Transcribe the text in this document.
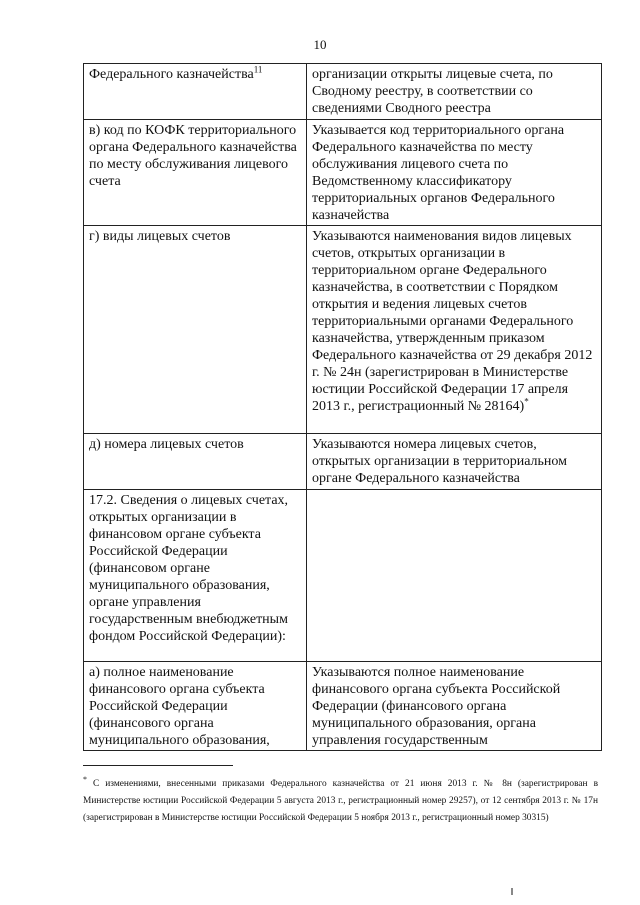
10
Федерального казначейства$^{11}$	организации открыты лицевые счета, по Сводному реестру, в соответствии со сведениями Сводного реестра
в) код по КОФК территориального органа Федерального казначейства по месту обслуживания лицевого счета	Указывается код территориального органа Федерального казначейства по месту обслуживания лицевого счета по Ведомственному классификатору территориальных органов Федерального казначейства
г) виды лицевых счетов	Указываются наименования видов лицевых счетов, открытых организации в территориальном органе Федерального казначейства, в соответствии с Порядком открытия и ведения лицевых счетов территориальными органами Федерального казначейства, утвержденным приказом Федерального казначейства от 29 декабря 2012 г. № 24н (зарегистрирован в Министерстве юстиции Российской Федерации 17 апреля 2013 г., регистрационный № 28164)*
д) номера лицевых счетов	Указываются номера лицевых счетов, открытых организации в территориальном органе Федерального казначейства
17.2. Сведения о лицевых счетах, открытых организации в финансовом органе субъекта Российской Федерации (финансовом органе муниципального образования, органе управления государственным внебюджетным фондом Российской Федерации):	
а) полное наименование финансового органа субъекта Российской Федерации (финансового органа муниципального образования,	Указываются полное наименование финансового органа субъекта Российской Федерации (финансового органа муниципального образования, органа управления государственным
* С изменениями, внесенными приказами Федерального казначейства от 21 июня 2013 г. № 8н (зарегистрирован в Министерстве юстиции Российской Федерации 5 августа 2013 г., регистрационный номер 29257), от 12 сентября 2013 г. № 17н (зарегистрирован в Министерстве юстиции Российской Федерации 5 ноября 2013 г., регистрационный номер 30315)
